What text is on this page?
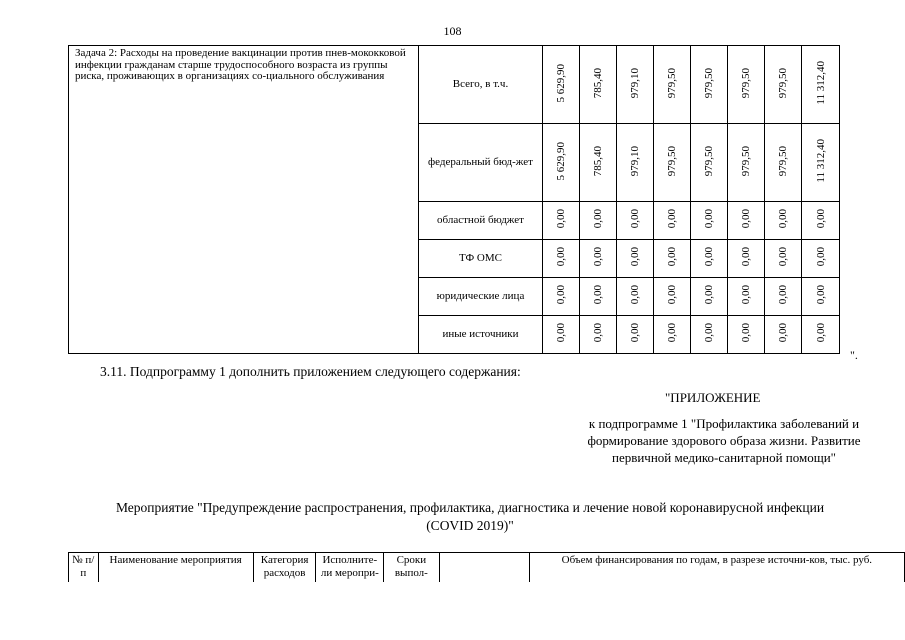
108
Задача 2: Расходы на проведение вакцинации против пнев-мококковой инфекции гражданам старше трудоспособного возраста из группы риска, проживающих в организациях со-циального обслуживания	Всего, в т.ч.	5 629,90	785,40	979,10	979,50	979,50	979,50	979,50	11 312,40
	федеральный бюд-жет	5 629,90	785,40	979,10	979,50	979,50	979,50	979,50	11 312,40
	областной бюджет	0,00	0,00	0,00	0,00	0,00	0,00	0,00	0,00
	ТФ ОМС	0,00	0,00	0,00	0,00	0,00	0,00	0,00	0,00
	юридические лица	0,00	0,00	0,00	0,00	0,00	0,00	0,00	0,00
	иные источники	0,00	0,00	0,00	0,00	0,00	0,00	0,00	0,00
".
3.11. Подпрограмму 1 дополнить приложением следующего содержания:
"ПРИЛОЖЕНИЕ
к подпрограмме 1 "Профилактика заболеваний и формирование здорового образа жизни. Развитие первичной медико-санитарной помощи"
Мероприятие "Предупреждение распространения, профилактика, диагностика и лечение новой коронавирусной инфекции (COVID 2019)"
№ п/п	Наименование мероприятия	Категория расходов	Исполните-ли меропри-	Сроки выпол-		Объем финансирования по годам, в разрезе источни-ков, тыс. руб.
